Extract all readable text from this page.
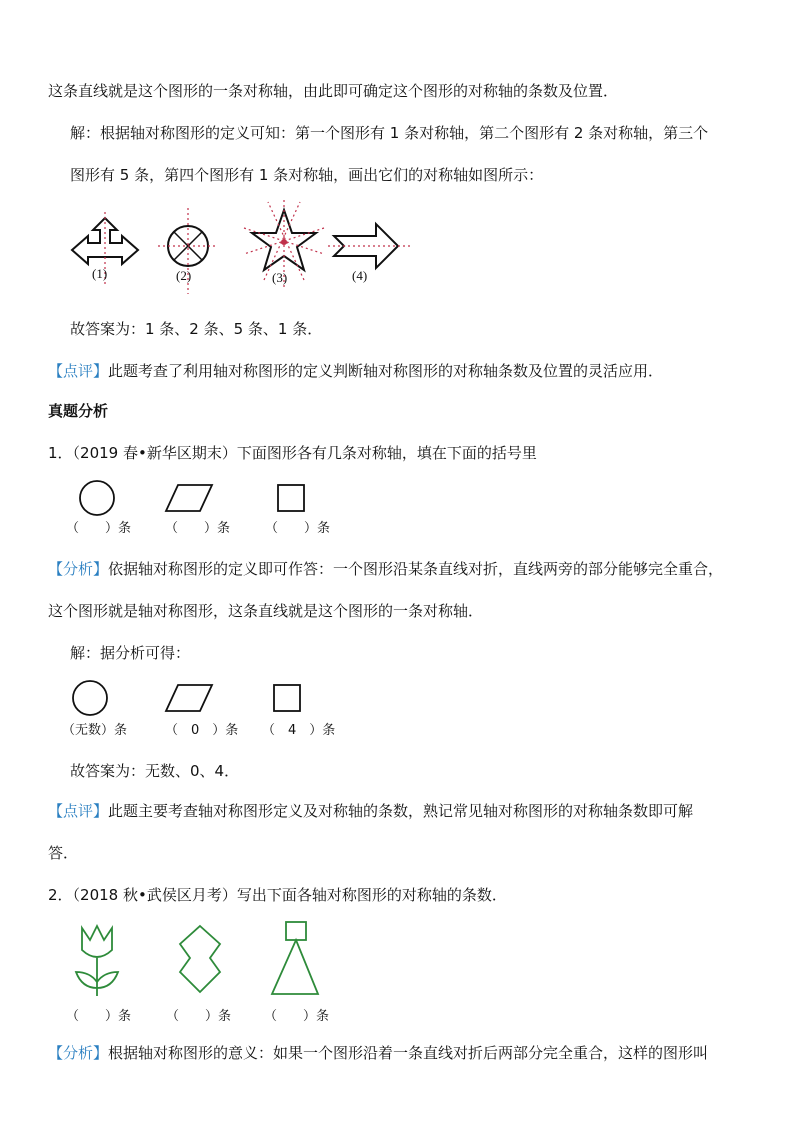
这条直线就是这个图形的一条对称轴，由此即可确定这个图形的对称轴的条数及位置．
解：根据轴对称图形的定义可知：第一个图形有 1 条对称轴，第二个图形有 2 条对称轴，第三个
图形有 5 条，第四个图形有 1 条对称轴，画出它们的对称轴如图所示：
(1)	(2)	(3)	(4)
故答案为：1 条、2 条、5 条、1 条．
【点评】此题考查了利用轴对称图形的定义判断轴对称图形的对称轴条数及位置的灵活应用．
真题分析
1．（2019 春•新华区期末）下面图形各有几条对称轴，填在下面的括号里
（　　）条	（　　）条	（　　）条
【分析】依据轴对称图形的定义即可作答：一个图形沿某条直线对折，直线两旁的部分能够完全重合，
这个图形就是轴对称图形，这条直线就是这个图形的一条对称轴．
解：据分析可得：
（无数）条	（　0　）条 （　4　）条
故答案为：无数、0、4．
【点评】此题主要考查轴对称图形定义及对称轴的条数，熟记常见轴对称图形的对称轴条数即可解
答．
2．（2018 秋•武侯区月考）写出下面各轴对称图形的对称轴的条数．
（　　）条	（　　）条	（　　）条
【分析】根据轴对称图形的意义：如果一个图形沿着一条直线对折后两部分完全重合，这样的图形叫
